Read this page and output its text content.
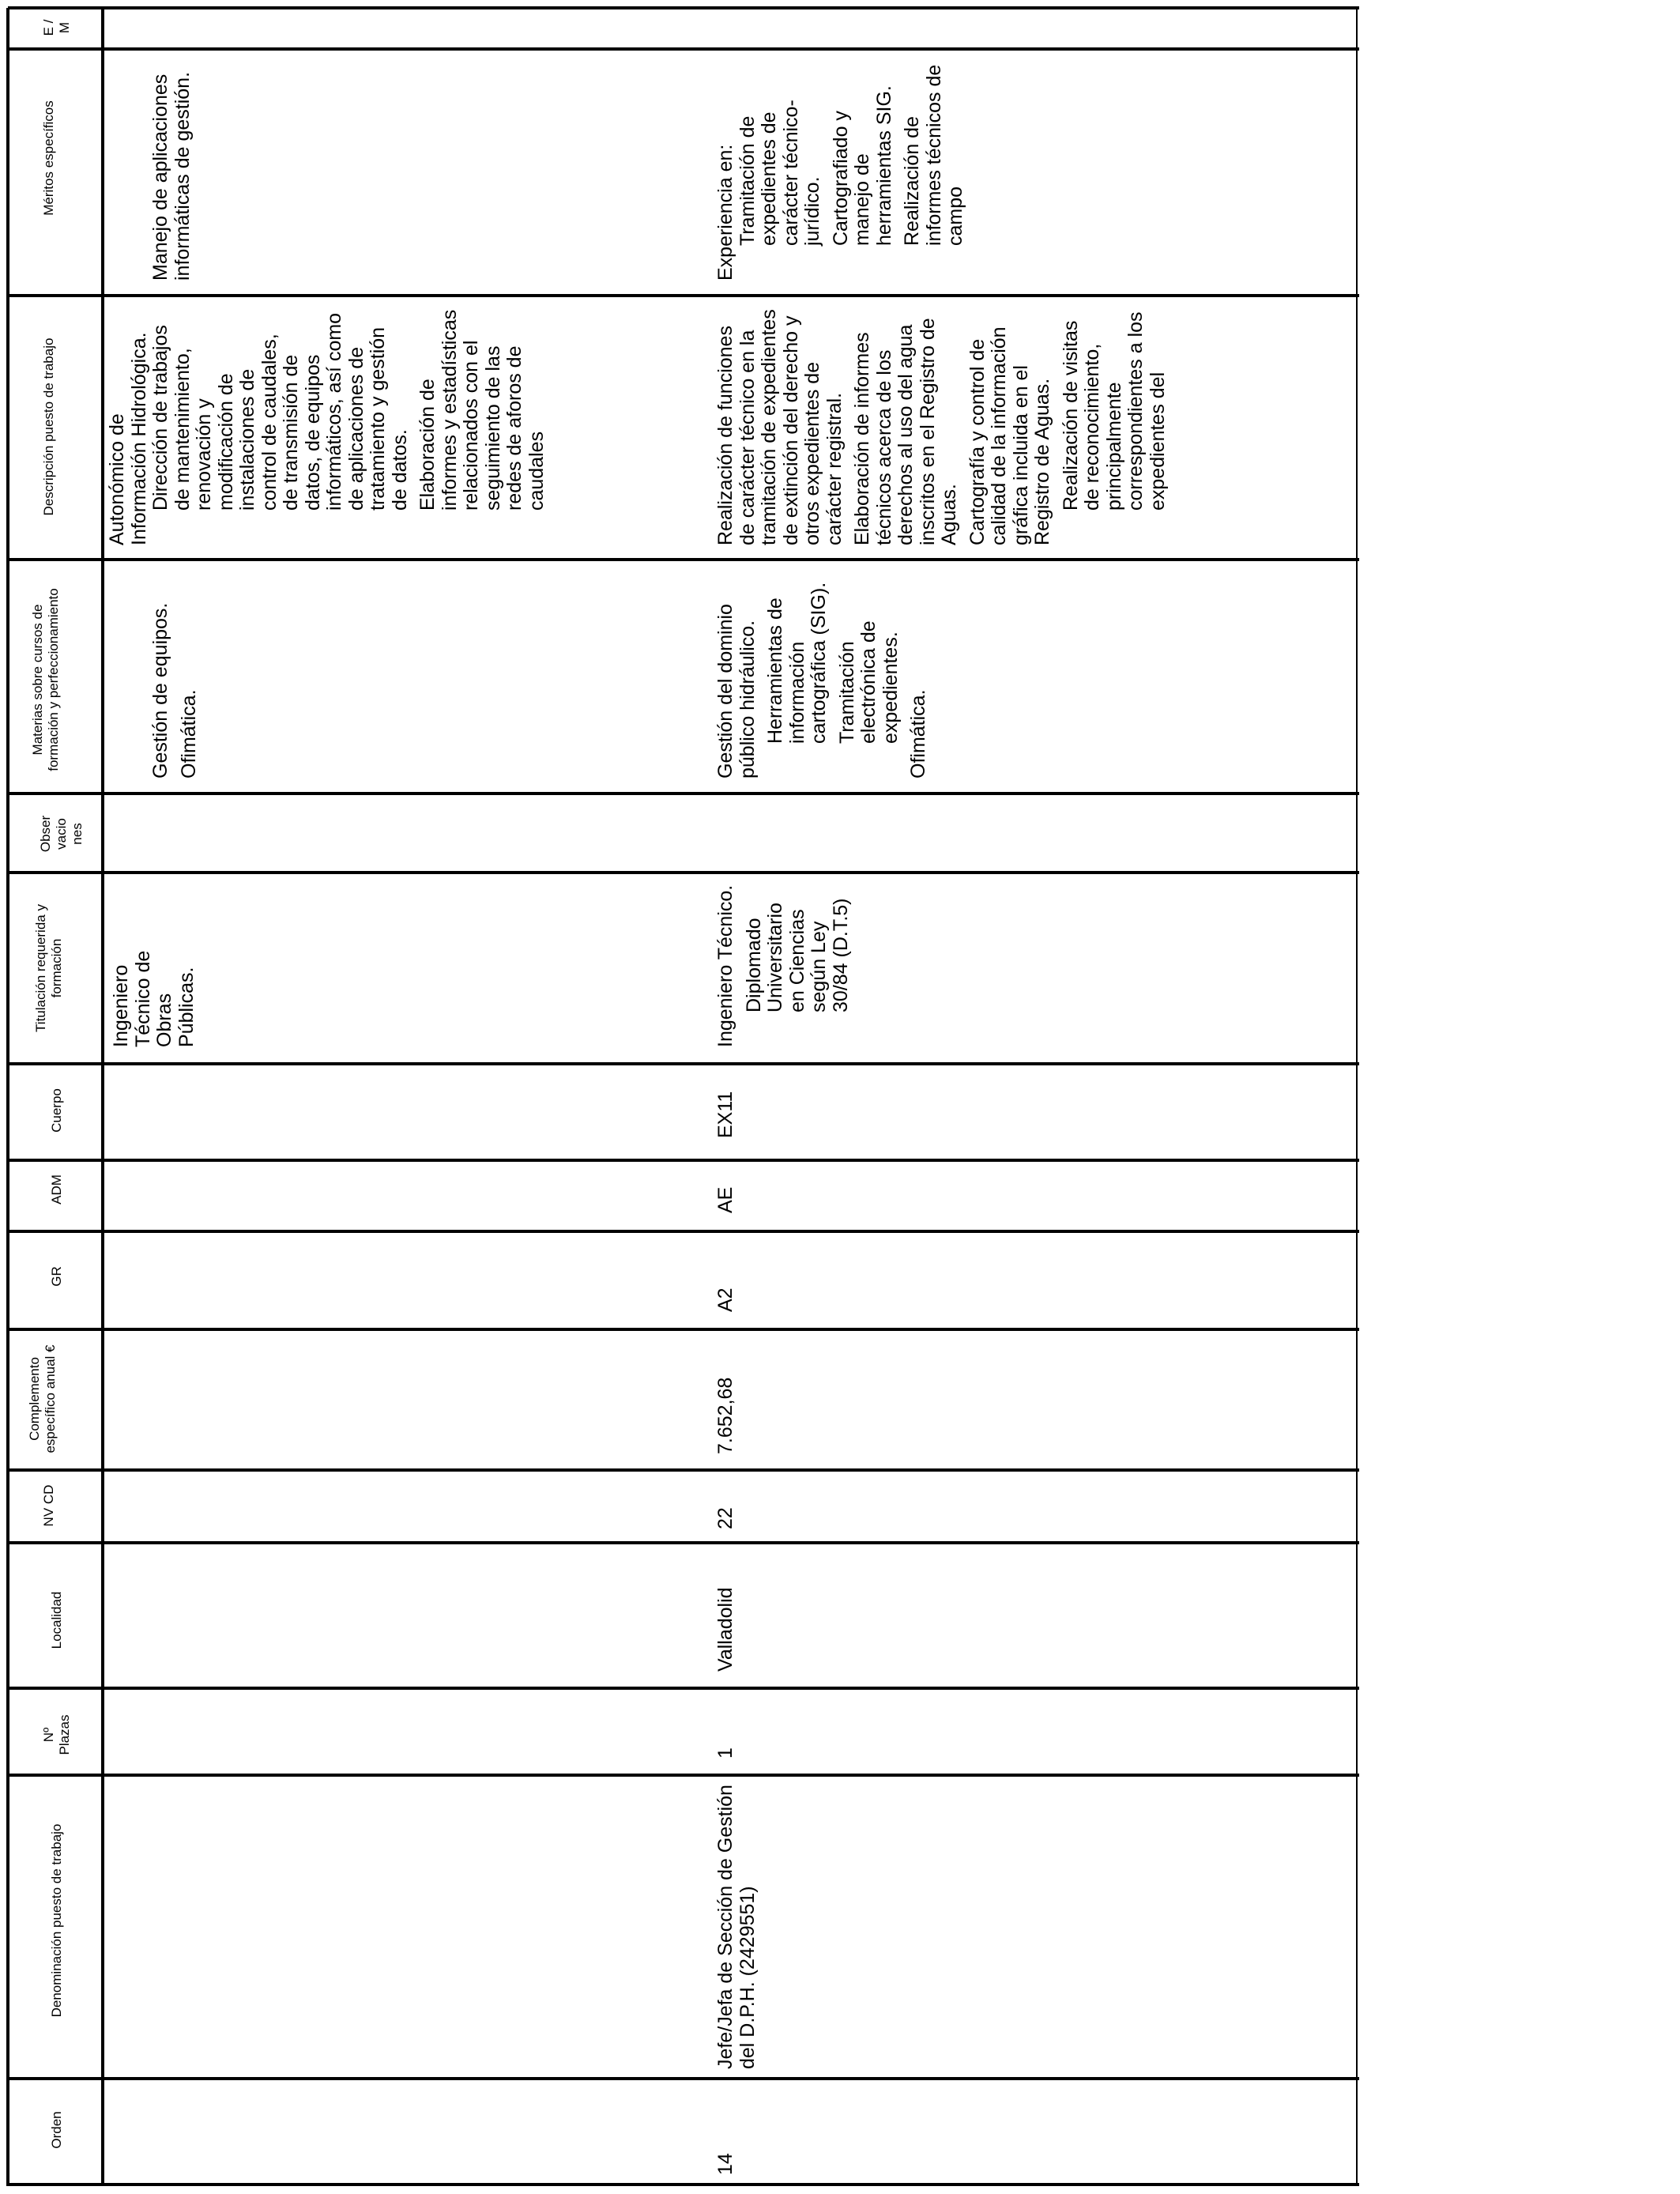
E / M
Méritos específicos
Descripción puesto de trabajo
Materias sobre cursos de formación y perfeccionamiento
Obser vacio nes
Titulación requerida y formación
Cuerpo
ADM
GR
Complemento específico anual €
NV CD
Localidad
Nº Plazas
Denominación puesto de trabajo
Orden

Manejo de aplicaciones informáticas de gestión.

Autonómico de Información Hidrológica. Dirección de trabajos de mantenimiento, renovación y modificación de instalaciones de control de caudales, de transmisión de datos, de equipos informáticos, así como de aplicaciones de tratamiento y gestión de datos. Elaboración de informes y estadísticas relacionados con el seguimiento de las redes de aforos de caudales

Gestión de equipos. Ofimática.

Ingeniero Técnico de Obras Públicas.

Experiencia en: Tramitación de expedientes de carácter técnico-jurídico. Cartografiado y manejo de herramientas SIG. Realización de informes técnicos de campo

Realización de funciones de carácter técnico en la tramitación de expedientes de extinción del derecho y otros expedientes de carácter registral. Elaboración de informes técnicos acerca de los derechos al uso del agua inscritos en el Registro de Aguas. Cartografía y control de calidad de la información gráfica incluida en el Registro de Aguas. Realización de visitas de reconocimiento, principalmente correspondientes a los expedientes del

Gestión del dominio público hidráulico. Herramientas de información cartográfica (SIG). Tramitación electrónica de expedientes. Ofimática.

Ingeniero Técnico. Diplomado Universitario en Ciencias según Ley 30/84 (D.T.5)

EX11
AE
A2
7.652,68
22
Valladolid
1
Jefe/Jefa de Sección de Gestión del D.P.H. (2429551)
14
